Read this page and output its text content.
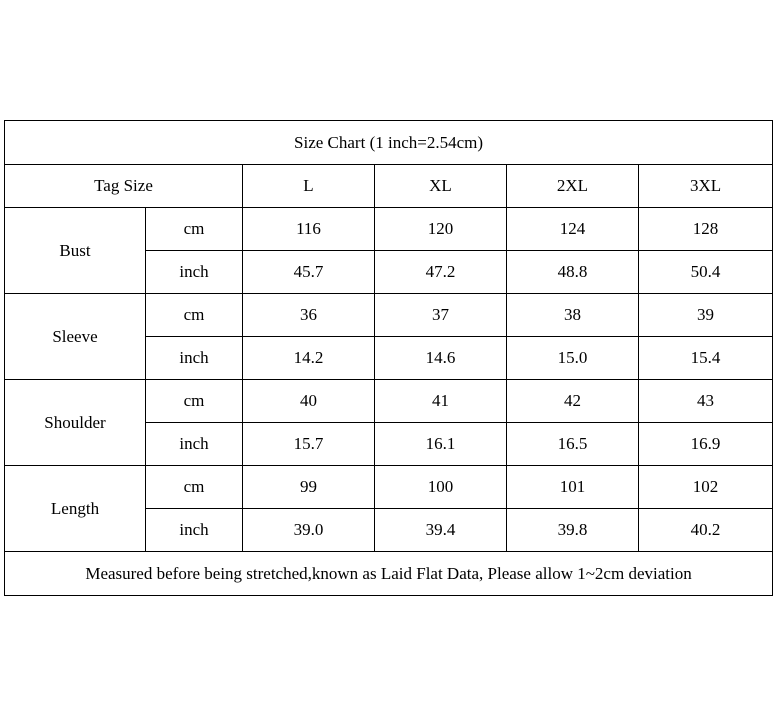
Size Chart (1 inch=2.54cm)					
Tag Size		L	XL	2XL	3XL
Bust	cm	116	120	124	128
	inch	45.7	47.2	48.8	50.4
Sleeve	cm	36	37	38	39
	inch	14.2	14.6	15.0	15.4
Shoulder	cm	40	41	42	43
	inch	15.7	16.1	16.5	16.9
Length	cm	99	100	101	102
	inch	39.0	39.4	39.8	40.2
Measured before being stretched,known as Laid Flat Data, Please allow 1~2cm deviation					
